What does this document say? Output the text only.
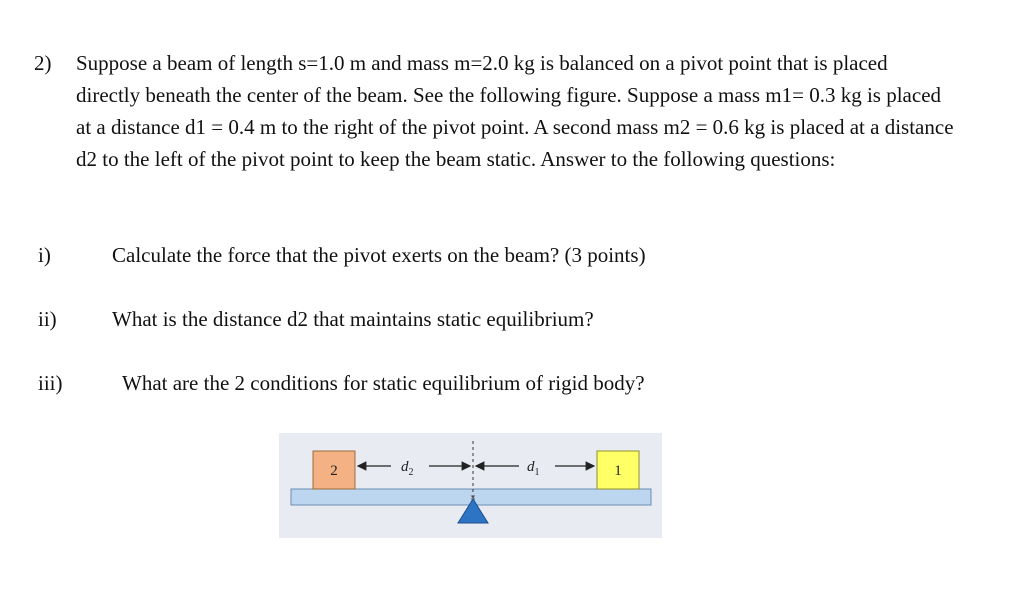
2) Suppose a beam of length s=1.0 m and mass m=2.0 kg is balanced on a pivot point that is placed directly beneath the center of the beam. See the following figure. Suppose a mass m1= 0.3 kg is placed at a distance d1 = 0.4 m to the right of the pivot point. A second mass m2 = 0.6 kg is placed at a distance d2 to the left of the pivot point to keep the beam static. Answer to the following questions:
i)	Calculate the force that the pivot exerts on the beam? (3 points)
ii)	What is the distance d2 that maintains static equilibrium?
iii)	What are the 2 conditions for static equilibrium of rigid body?
×
2	1
$d_2$	$d_1$
